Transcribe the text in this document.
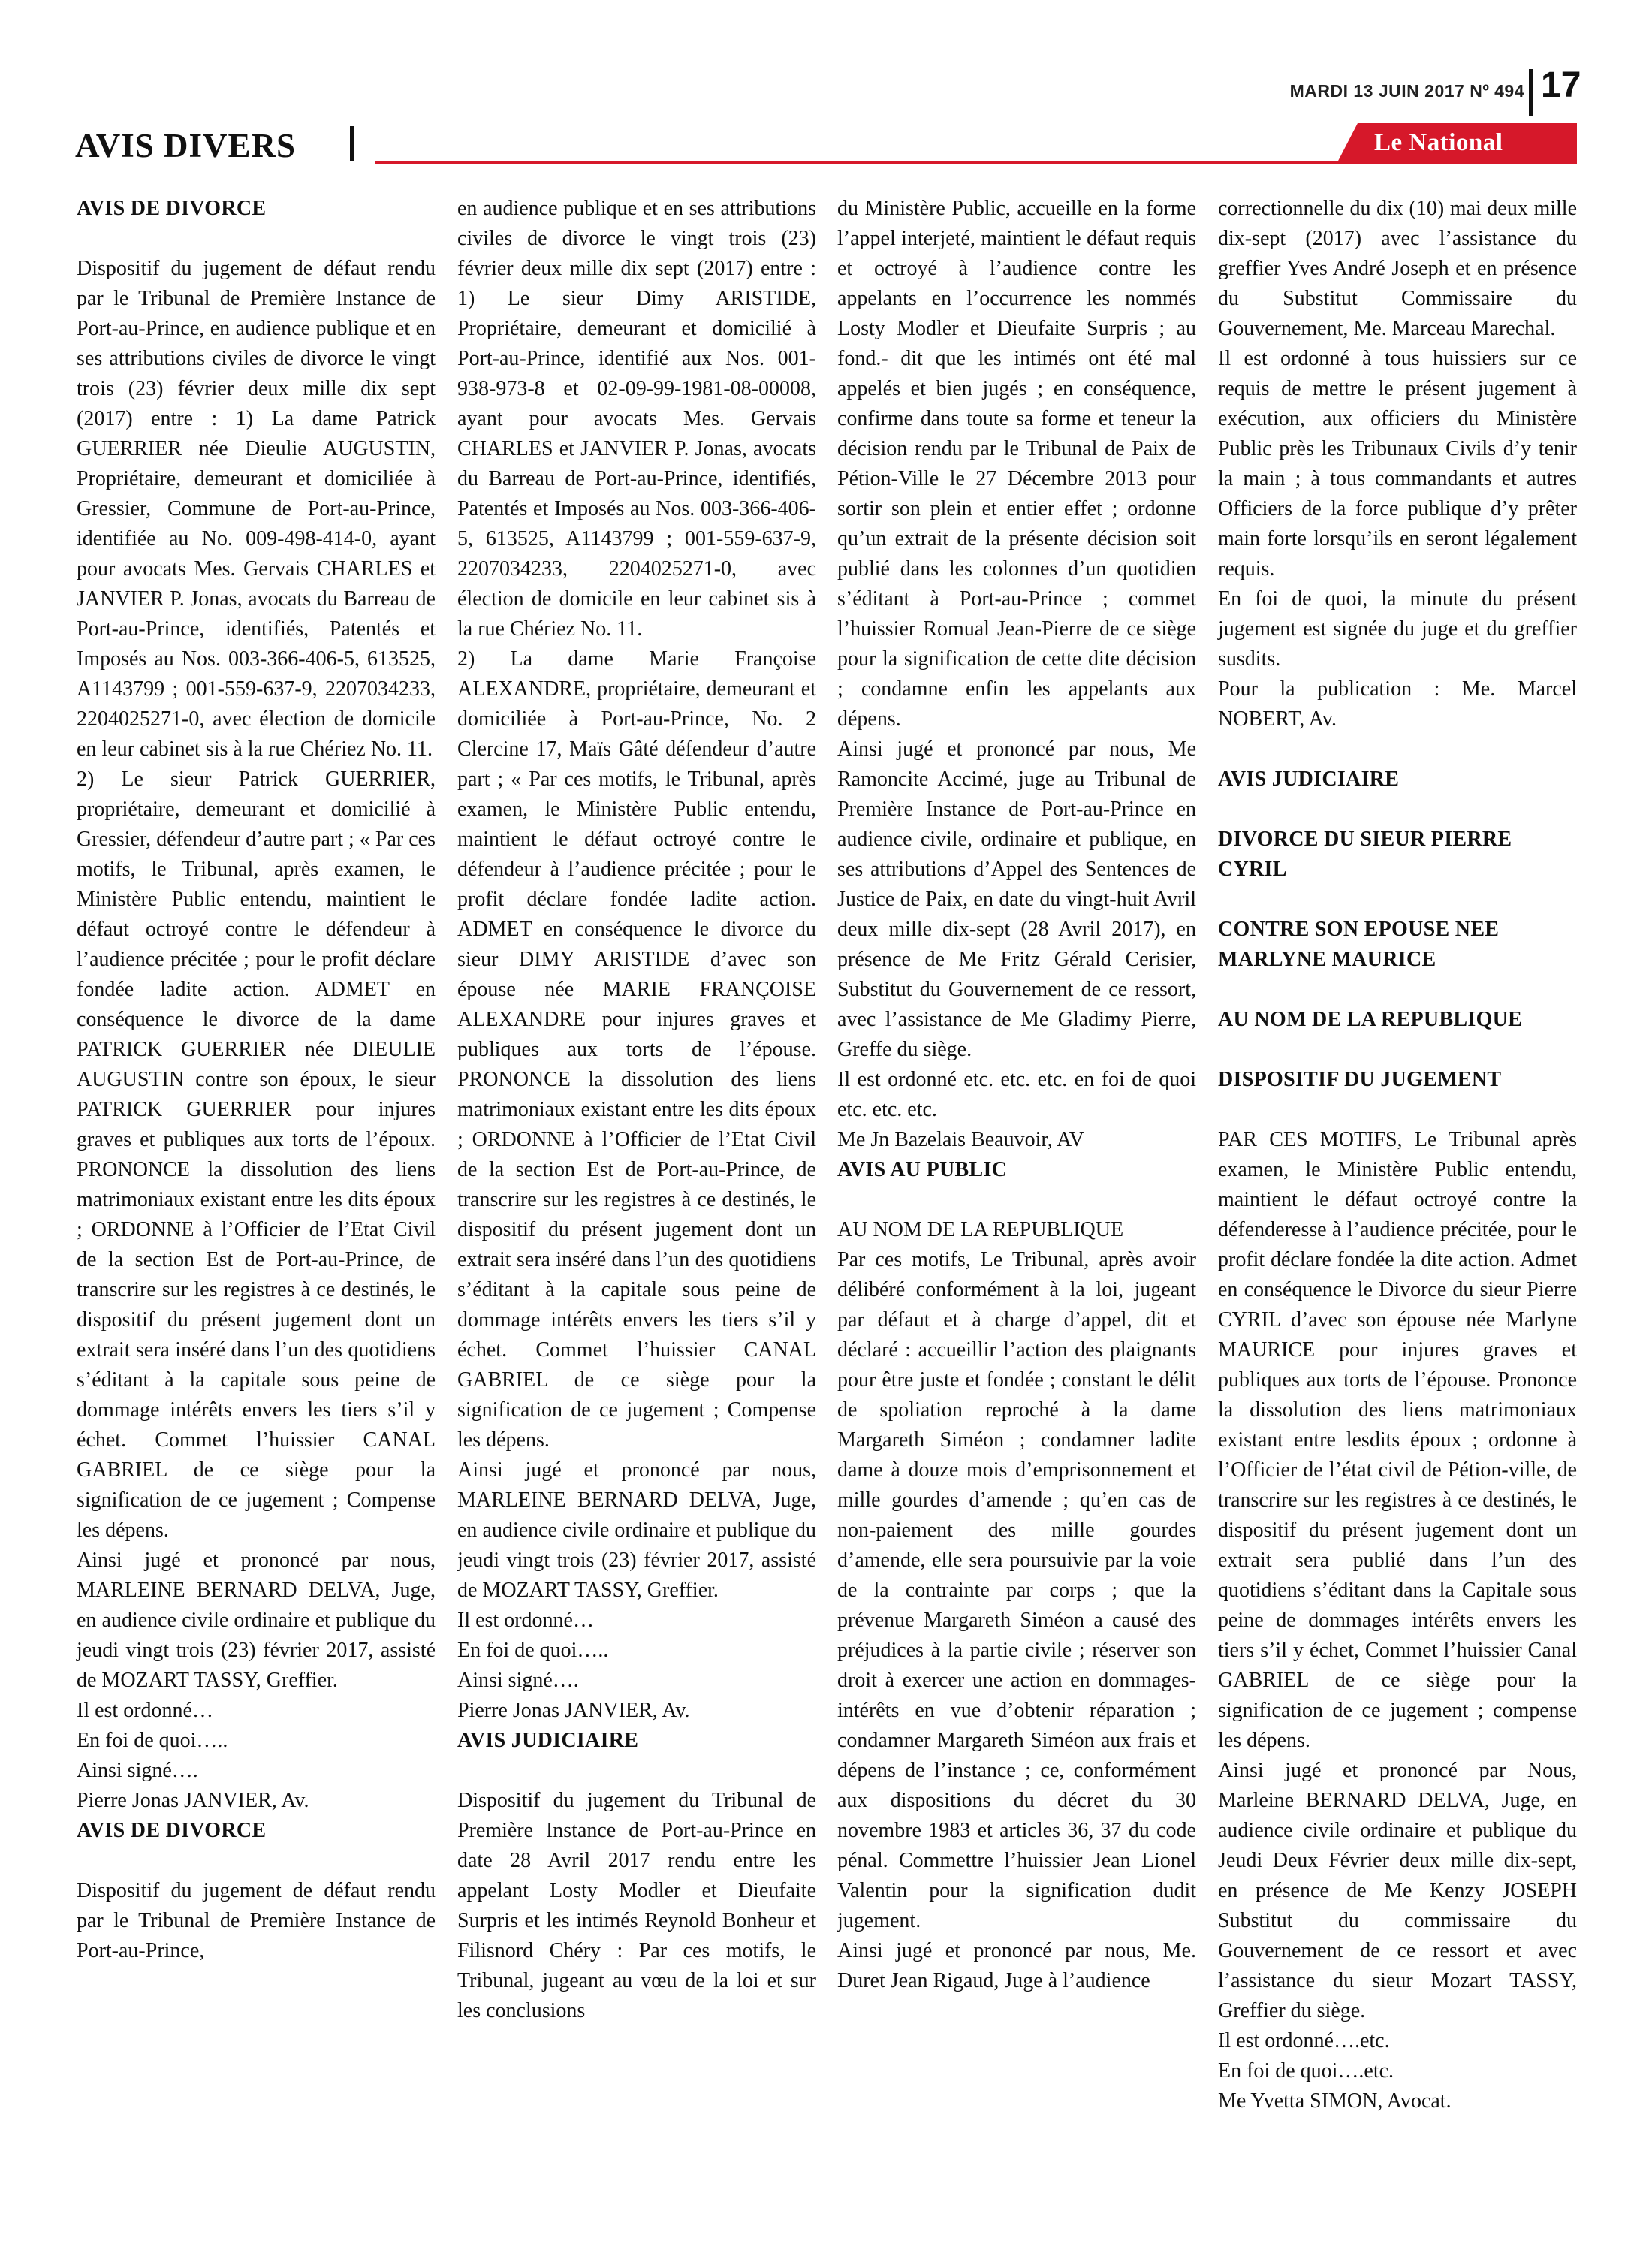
MARDI 13 JUIN 2017 Nº 494 17
AVIS DIVERS	Le National
AVIS DE DIVORCE

Dispositif du jugement de défaut rendu par le Tribunal de Première Instance de Port-au-Prince, en audience publique et en ses attributions civiles de divorce le vingt trois (23) février deux mille dix sept (2017) entre : 1) La dame Patrick GUERRIER née Dieulie AUGUSTIN, Propriétaire, demeurant et domiciliée à Gressier, Commune de Port-au-Prince, identifiée au No. 009-498-414-0, ayant pour avocats Mes. Gervais CHARLES et JANVIER P. Jonas, avocats du Barreau de Port-au-Prince, identifiés, Patentés et Imposés au Nos. 003-366-406-5, 613525, A1143799 ; 001-559-637-9, 2207034233, 2204025271-0, avec élection de domicile en leur cabinet sis à la rue Chériez No. 11.

2) Le sieur Patrick GUERRIER, propriétaire, demeurant et domicilié à Gressier, défendeur d’autre part ; « Par ces motifs, le Tribunal, après examen, le Ministère Public entendu, maintient le défaut octroyé contre le défendeur à l’audience précitée ; pour le profit déclare fondée ladite action. ADMET en conséquence le divorce de la dame PATRICK GUERRIER née DIEULIE AUGUSTIN contre son époux, le sieur PATRICK GUERRIER pour injures graves et publiques aux torts de l’époux. PRONONCE la dissolution des liens matrimoniaux existant entre les dits époux ; ORDONNE à l’Officier de l’Etat Civil de la section Est de Port-au-Prince, de transcrire sur les registres à ce destinés, le dispositif du présent jugement dont un extrait sera inséré dans l’un des quotidiens s’éditant à la capitale sous peine de dommage intérêts envers les tiers s’il y échet. Commet l’huissier CANAL GABRIEL de ce siège pour la signification de ce jugement ; Compense les dépens.

Ainsi jugé et prononcé par nous, MARLEINE BERNARD DELVA, Juge, en audience civile ordinaire et publique du jeudi vingt trois (23) février 2017, assisté de MOZART TASSY, Greffier.

Il est ordonné…

En foi de quoi…..

Ainsi signé….

Pierre Jonas JANVIER, Av.

AVIS DE DIVORCE

Dispositif du jugement de défaut rendu par le Tribunal de Première Instance de Port-au-Prince,

en audience publique et en ses attributions civiles de divorce le vingt trois (23) février deux mille dix sept (2017) entre : 1) Le sieur Dimy ARISTIDE, Propriétaire, demeurant et domicilié à Port-au-Prince, identifié aux Nos. 001-938-973-8 et 02-09-99-1981-08-00008, ayant pour avocats Mes. Gervais CHARLES et JANVIER P. Jonas, avocats du Barreau de Port-au-Prince, identifiés, Patentés et Imposés au Nos. 003-366-406-5, 613525, A1143799 ; 001-559-637-9, 2207034233, 2204025271-0, avec élection de domicile en leur cabinet sis à la rue Chériez No. 11.

2) La dame Marie Françoise ALEXANDRE, propriétaire, demeurant et domiciliée à Port-au-Prince, No. 2 Clercine 17, Maïs Gâté défendeur d’autre part ; « Par ces motifs, le Tribunal, après examen, le Ministère Public entendu, maintient le défaut octroyé contre le défendeur à l’audience précitée ; pour le profit déclare fondée ladite action. ADMET en conséquence le divorce du sieur DIMY ARISTIDE d’avec son épouse née MARIE FRANÇOISE ALEXANDRE pour injures graves et publiques aux torts de l’épouse. PRONONCE la dissolution des liens matrimoniaux existant entre les dits époux ; ORDONNE à l’Officier de l’Etat Civil de la section Est de Port-au-Prince, de transcrire sur les registres à ce destinés, le dispositif du présent jugement dont un extrait sera inséré dans l’un des quotidiens s’éditant à la capitale sous peine de dommage intérêts envers les tiers s’il y échet. Commet l’huissier CANAL GABRIEL de ce siège pour la signification de ce jugement ; Compense les dépens.

Ainsi jugé et prononcé par nous, MARLEINE BERNARD DELVA, Juge, en audience civile ordinaire et publique du jeudi vingt trois (23) février 2017, assisté de MOZART TASSY, Greffier.

Il est ordonné…

En foi de quoi…..

Ainsi signé….

Pierre Jonas JANVIER, Av.

AVIS JUDICIAIRE

Dispositif du jugement du Tribunal de Première Instance de Port-au-Prince en date 28 Avril 2017 rendu entre les appelant Losty Modler et Dieufaite Surpris et les intimés Reynold Bonheur et Filisnord Chéry : Par ces motifs, le Tribunal, jugeant au vœu de la loi et sur les conclusions

du Ministère Public, accueille en la forme l’appel interjeté, maintient le défaut requis et octroyé à l’audience contre les appelants en l’occurrence les nommés Losty Modler et Dieufaite Surpris ; au fond.- dit que les intimés ont été mal appelés et bien jugés ; en conséquence, confirme dans toute sa forme et teneur la décision rendu par le Tribunal de Paix de Pétion-Ville le 27 Décembre 2013 pour sortir son plein et entier effet ; ordonne qu’un extrait de la présente décision soit publié dans les colonnes d’un quotidien s’éditant à Port-au-Prince ; commet l’huissier Romual Jean-Pierre de ce siège pour la signification de cette dite décision ; condamne enfin les appelants aux dépens.

Ainsi jugé et prononcé par nous, Me Ramoncite Accimé, juge au Tribunal de Première Instance de Port-au-Prince en audience civile, ordinaire et publique, en ses attributions d’Appel des Sentences de Justice de Paix, en date du vingt-huit Avril deux mille dix-sept (28 Avril 2017), en présence de Me Fritz Gérald Cerisier, Substitut du Gouvernement de ce ressort, avec l’assistance de Me Gladimy Pierre, Greffe du siège.

Il est ordonné etc. etc. etc. en foi de quoi etc. etc. etc.

Me Jn Bazelais Beauvoir, AV

AVIS AU PUBLIC

AU NOM DE LA REPUBLIQUE

Par ces motifs, Le Tribunal, après avoir délibéré conformément à la loi, jugeant par défaut et à charge d’appel, dit et déclaré : accueillir l’action des plaignants pour être juste et fondée ; constant le délit de spoliation reproché à la dame Margareth Siméon ; condamner ladite dame à douze mois d’emprisonnement et mille gourdes d’amende ; qu’en cas de non-paiement des mille gourdes d’amende, elle sera poursuivie par la voie de la contrainte par corps ; que la prévenue Margareth Siméon a causé des préjudices à la partie civile ; réserver son droit à exercer une action en dommages-intérêts en vue d’obtenir réparation ; condamner Margareth Siméon aux frais et dépens de l’instance ; ce, conformément aux dispositions du décret du 30 novembre 1983 et articles 36, 37 du code pénal. Commettre l’huissier Jean Lionel Valentin pour la signification dudit jugement.

Ainsi jugé et prononcé par nous, Me. Duret Jean Rigaud, Juge à l’audience

correctionnelle du dix (10) mai deux mille dix-sept (2017) avec l’assistance du greffier Yves André Joseph et en présence du Substitut Commissaire du Gouvernement, Me. Marceau Marechal.

Il est ordonné à tous huissiers sur ce requis de mettre le présent jugement à exécution, aux officiers du Ministère Public près les Tribunaux Civils d’y tenir la main ; à tous commandants et autres Officiers de la force publique d’y prêter main forte lorsqu’ils en seront légalement requis.

En foi de quoi, la minute du présent jugement est signée du juge et du greffier susdits.

Pour la publication : Me. Marcel NOBERT, Av.

AVIS JUDICIAIRE
DIVORCE DU SIEUR PIERRE CYRIL
CONTRE SON EPOUSE NEE MARLYNE MAURICE
AU NOM DE LA REPUBLIQUE
DISPOSITIF DU JUGEMENT

PAR CES MOTIFS, Le Tribunal après examen, le Ministère Public entendu, maintient le défaut octroyé contre la défenderesse à l’audience précitée, pour le profit déclare fondée la dite action. Admet en conséquence le Divorce du sieur Pierre CYRIL d’avec son épouse née Marlyne MAURICE pour injures graves et publiques aux torts de l’épouse. Prononce la dissolution des liens matrimoniaux existant entre lesdits époux ; ordonne à l’Officier de l’état civil de Pétion-ville, de transcrire sur les registres à ce destinés, le dispositif du présent jugement dont un extrait sera publié dans l’un des quotidiens s’éditant dans la Capitale sous peine de dommages intérêts envers les tiers s’il y échet, Commet l’huissier Canal GABRIEL de ce siège pour la signification de ce jugement ; compense les dépens.

Ainsi jugé et prononcé par Nous, Marleine BERNARD DELVA, Juge, en audience civile ordinaire et publique du Jeudi Deux Février deux mille dix-sept, en présence de Me Kenzy JOSEPH Substitut du commissaire du Gouvernement de ce ressort et avec l’assistance du sieur Mozart TASSY, Greffier du siège.

Il est ordonné….etc.

En foi de quoi….etc.

Me Yvetta SIMON, Avocat.
